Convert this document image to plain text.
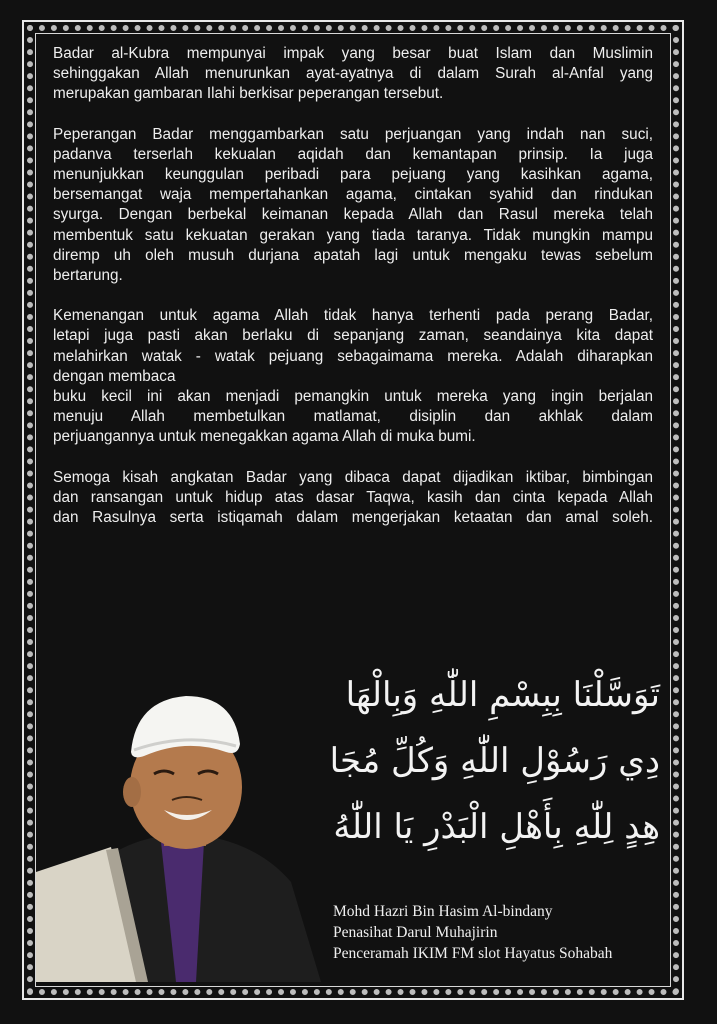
Badar al-Kubra mempunyai impak yang besar buat Islam dan Muslimin
sehinggakan Allah menurunkan ayat-ayatnya di dalam Surah al-Anfal yang
merupakan gambaran Ilahi berkisar peperangan tersebut.

Peperangan Badar menggambarkan satu perjuangan yang indah nan suci,
padanva terserlah kekualan aqidah dan kemantapan prinsip. Ia juga
menunjukkan keunggulan peribadi para pejuang yang kasihkan agama,
bersemangat waja mempertahankan agama, cintakan syahid dan rindukan
syurga. Dengan berbekal keimanan kepada Allah dan Rasul mereka telah
membentuk satu kekuatan gerakan yang tiada taranya. Tidak mungkin mampu
diremp uh oleh musuh durjana apatah lagi untuk mengaku tewas sebelum
bertarung.

Kemenangan untuk agama Allah tidak hanya terhenti pada perang Badar,
letapi juga pasti akan berlaku di sepanjang zaman, seandainya kita dapat
melahirkan watak - watak pejuang sebagaimama mereka. Adalah diharapkan
dengan membaca
buku kecil ini akan menjadi pemangkin untuk mereka yang ingin berjalan
menuju Allah membetulkan matlamat, disiplin dan akhlak dalam
perjuangannya untuk menegakkan agama Allah di muka bumi.

Semoga kisah angkatan Badar yang dibaca dapat dijadikan iktibar, bimbingan
dan ransangan untuk hidup atas dasar Taqwa, kasih dan cinta kepada Allah
dan Rasulnya serta istiqamah dalam mengerjakan ketaatan dan amal soleh.

تَوَسَّلْنَا بِبِسْمِ اللّٰهِ وَبِالْهَا
دِي رَسُوْلِ اللّٰهِ وَكُلِّ مُجَا
هِدٍ لِلّٰهِ بِأَهْلِ الْبَدْرِ يَا اللّٰهُ
Mohd Hazri Bin Hasim Al-bindany
Penasihat Darul Muhajirin
Penceramah IKIM FM slot Hayatus Sohabah
